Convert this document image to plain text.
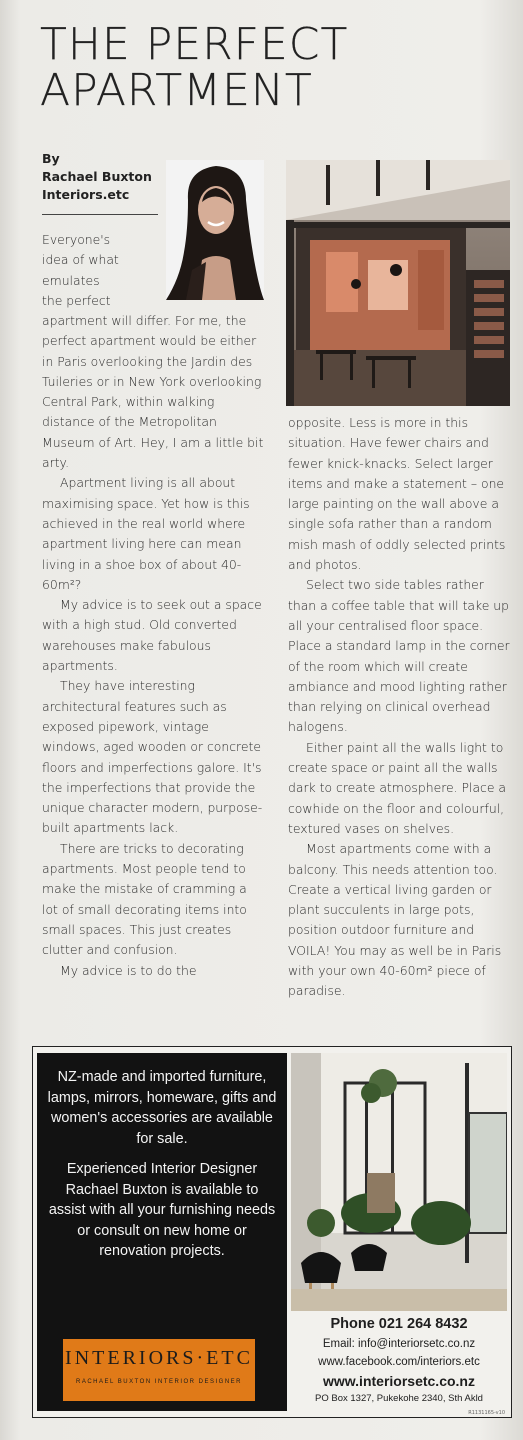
THE PERFECT
APARTMENT
By
Rachael Buxton
Interiors.etc
Everyone's
idea of what
emulates
the perfect

apartment will differ. For me, the perfect apartment would be either in Paris overlooking the Jardin des Tuileries or in New York overlooking Central Park, within walking distance of the Metropolitan Museum of Art. Hey, I am a little bit arty.

Apartment living is all about maximising space. Yet how is this achieved in the real world where apartment living here can mean living in a shoe box of about 40-60m²?

My advice is to seek out a space with a high stud. Old converted warehouses make fabulous apartments.

They have interesting architectural features such as exposed pipework, vintage windows, aged wooden or concrete floors and imperfections galore. It's the imperfections that provide the unique character modern, purpose-built apartments lack.

There are tricks to decorating apartments. Most people tend to make the mistake of cramming a lot of small decorating items into small spaces. This just creates clutter and confusion.

My advice is to do the

opposite. Less is more in this situation. Have fewer chairs and fewer knick-knacks. Select larger items and make a statement – one large painting on the wall above a single sofa rather than a random mish mash of oddly selected prints and photos.

Select two side tables rather than a coffee table that will take up all your centralised floor space. Place a standard lamp in the corner of the room which will create ambiance and mood lighting rather than relying on clinical overhead halogens.

Either paint all the walls light to create space or paint all the walls dark to create atmosphere. Place a cowhide on the floor and colourful, textured vases on shelves.

Most apartments come with a balcony. This needs attention too. Create a vertical living garden or plant succulents in large pots, position outdoor furniture and VOILA! You may as well be in Paris with your own 40-60m² piece of paradise.

NZ-made and imported furniture, lamps, mirrors, homeware, gifts and women's accessories are available for sale.

Experienced Interior Designer Rachael Buxton is available to assist with all your furnishing needs or consult on new home or renovation projects.

INTERIORS·ETC
RACHAEL BUXTON INTERIOR DESIGNER
Phone 021 264 8432
Email: info@interiorsetc.co.nz
www.facebook.com/interiors.etc
www.interiorsetc.co.nz
PO Box 1327, Pukekohe 2340, Sth Akld
R1131165-v10
